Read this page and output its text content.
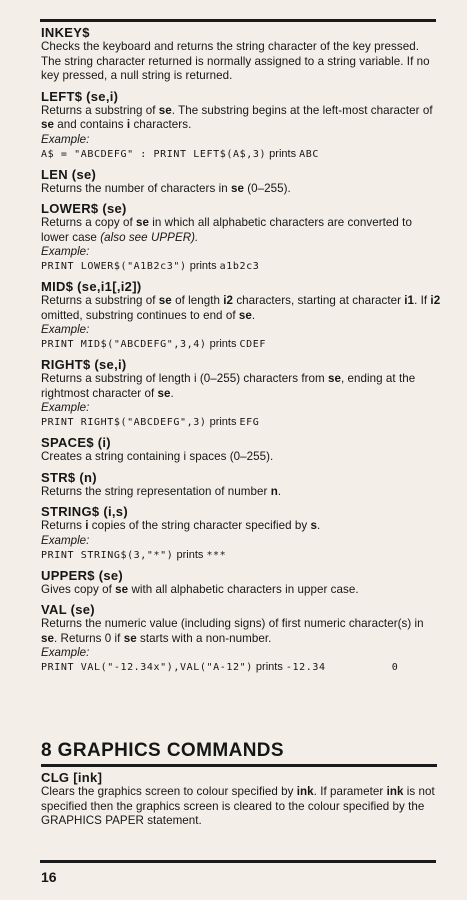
INKEY$
Checks the keyboard and returns the string character of the key pressed. The string character returned is normally assigned to a string variable. If no key pressed, a null string is returned.
LEFT$ (se,i)
Returns a substring of se. The substring begins at the left-most character of se and contains i characters.
Example:
A$ = "ABCDEFG" : PRINT LEFT$(A$,3) prints ABC
LEN (se)
Returns the number of characters in se (0–255).
LOWER$ (se)
Returns a copy of se in which all alphabetic characters are converted to lower case (also see UPPER).
Example:
PRINT LOWER$("A1B2c3") prints a1b2c3
MID$ (se,i1[,i2])
Returns a substring of se of length i2 characters, starting at character i1. If i2 omitted, substring continues to end of se.
Example:
PRINT MID$("ABCDEFG",3,4) prints CDEF
RIGHT$ (se,i)
Returns a substring of length i (0–255) characters from se, ending at the rightmost character of se.
Example:
PRINT RIGHT$("ABCDEFG",3) prints EFG
SPACE$ (i)
Creates a string containing i spaces (0–255).
STR$ (n)
Returns the string representation of number n.
STRING$ (i,s)
Returns i copies of the string character specified by s.
Example:
PRINT STRING$(3,"*") prints ***
UPPER$ (se)
Gives copy of se with all alphabetic characters in upper case.
VAL (se)
Returns the numeric value (including signs) of first numeric character(s) in se. Returns 0 if se starts with a non-number.
Example:
PRINT VAL("-12.34x"),VAL("A-12") prints -12.34          0
8 GRAPHICS COMMANDS
CLG [ink]
Clears the graphics screen to colour specified by ink. If parameter ink is not specified then the graphics screen is cleared to the colour specified by the GRAPHICS PAPER statement.
16
